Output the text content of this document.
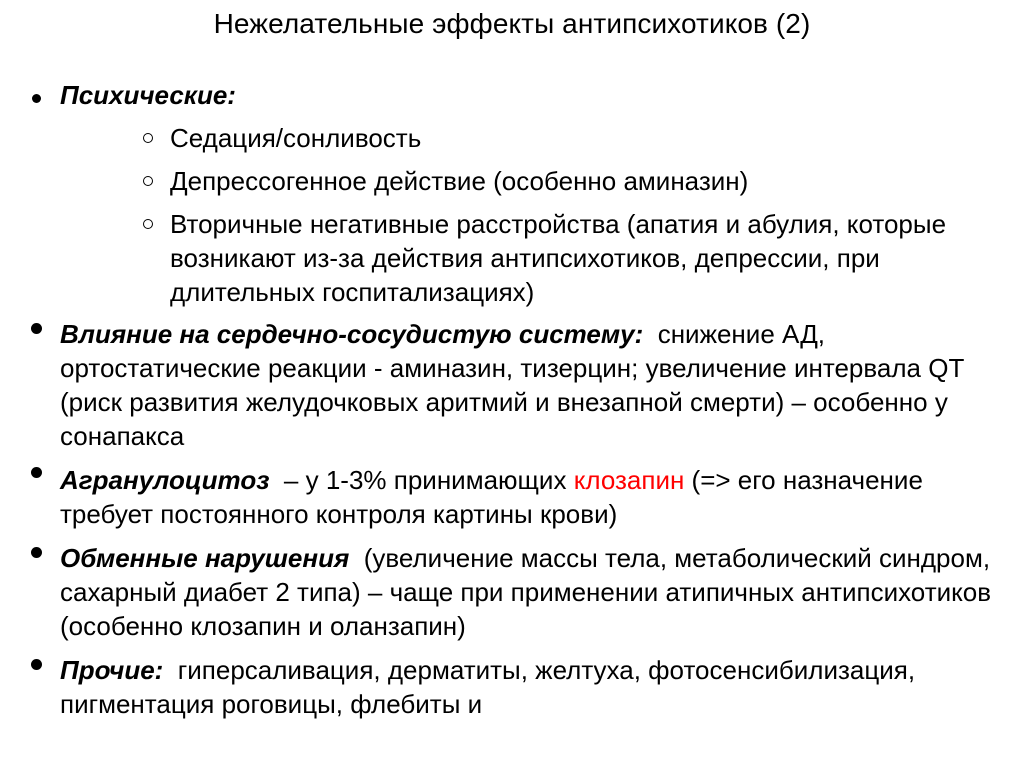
Нежелательные эффекты антипсихотиков (2)
Психические:
Седация/сонливость
Депрессогенное действие (особенно аминазин)
Вторичные негативные расстройства (апатия и абулия, которые возникают из-за действия антипсихотиков, депрессии, при длительных госпитализациях)
Влияние на сердечно-сосудистую систему:  снижение АД, ортостатические реакции - аминазин, тизерцин; увеличение интервала QT (риск развития желудочковых аритмий и внезапной смерти) – особенно у сонапакса
Агранулоцитоз  – у 1-3% принимающих клозапин (=> его назначение требует постоянного контроля картины крови)
Обменные нарушения  (увеличение массы тела, метаболический синдром, сахарный диабет 2 типа) – чаще при применении атипичных антипсихотиков (особенно клозапин и оланзапин)
Прочие:  гиперсаливация, дерматиты, желтуха, фотосенсибилизация, пигментация роговицы, флебиты и
